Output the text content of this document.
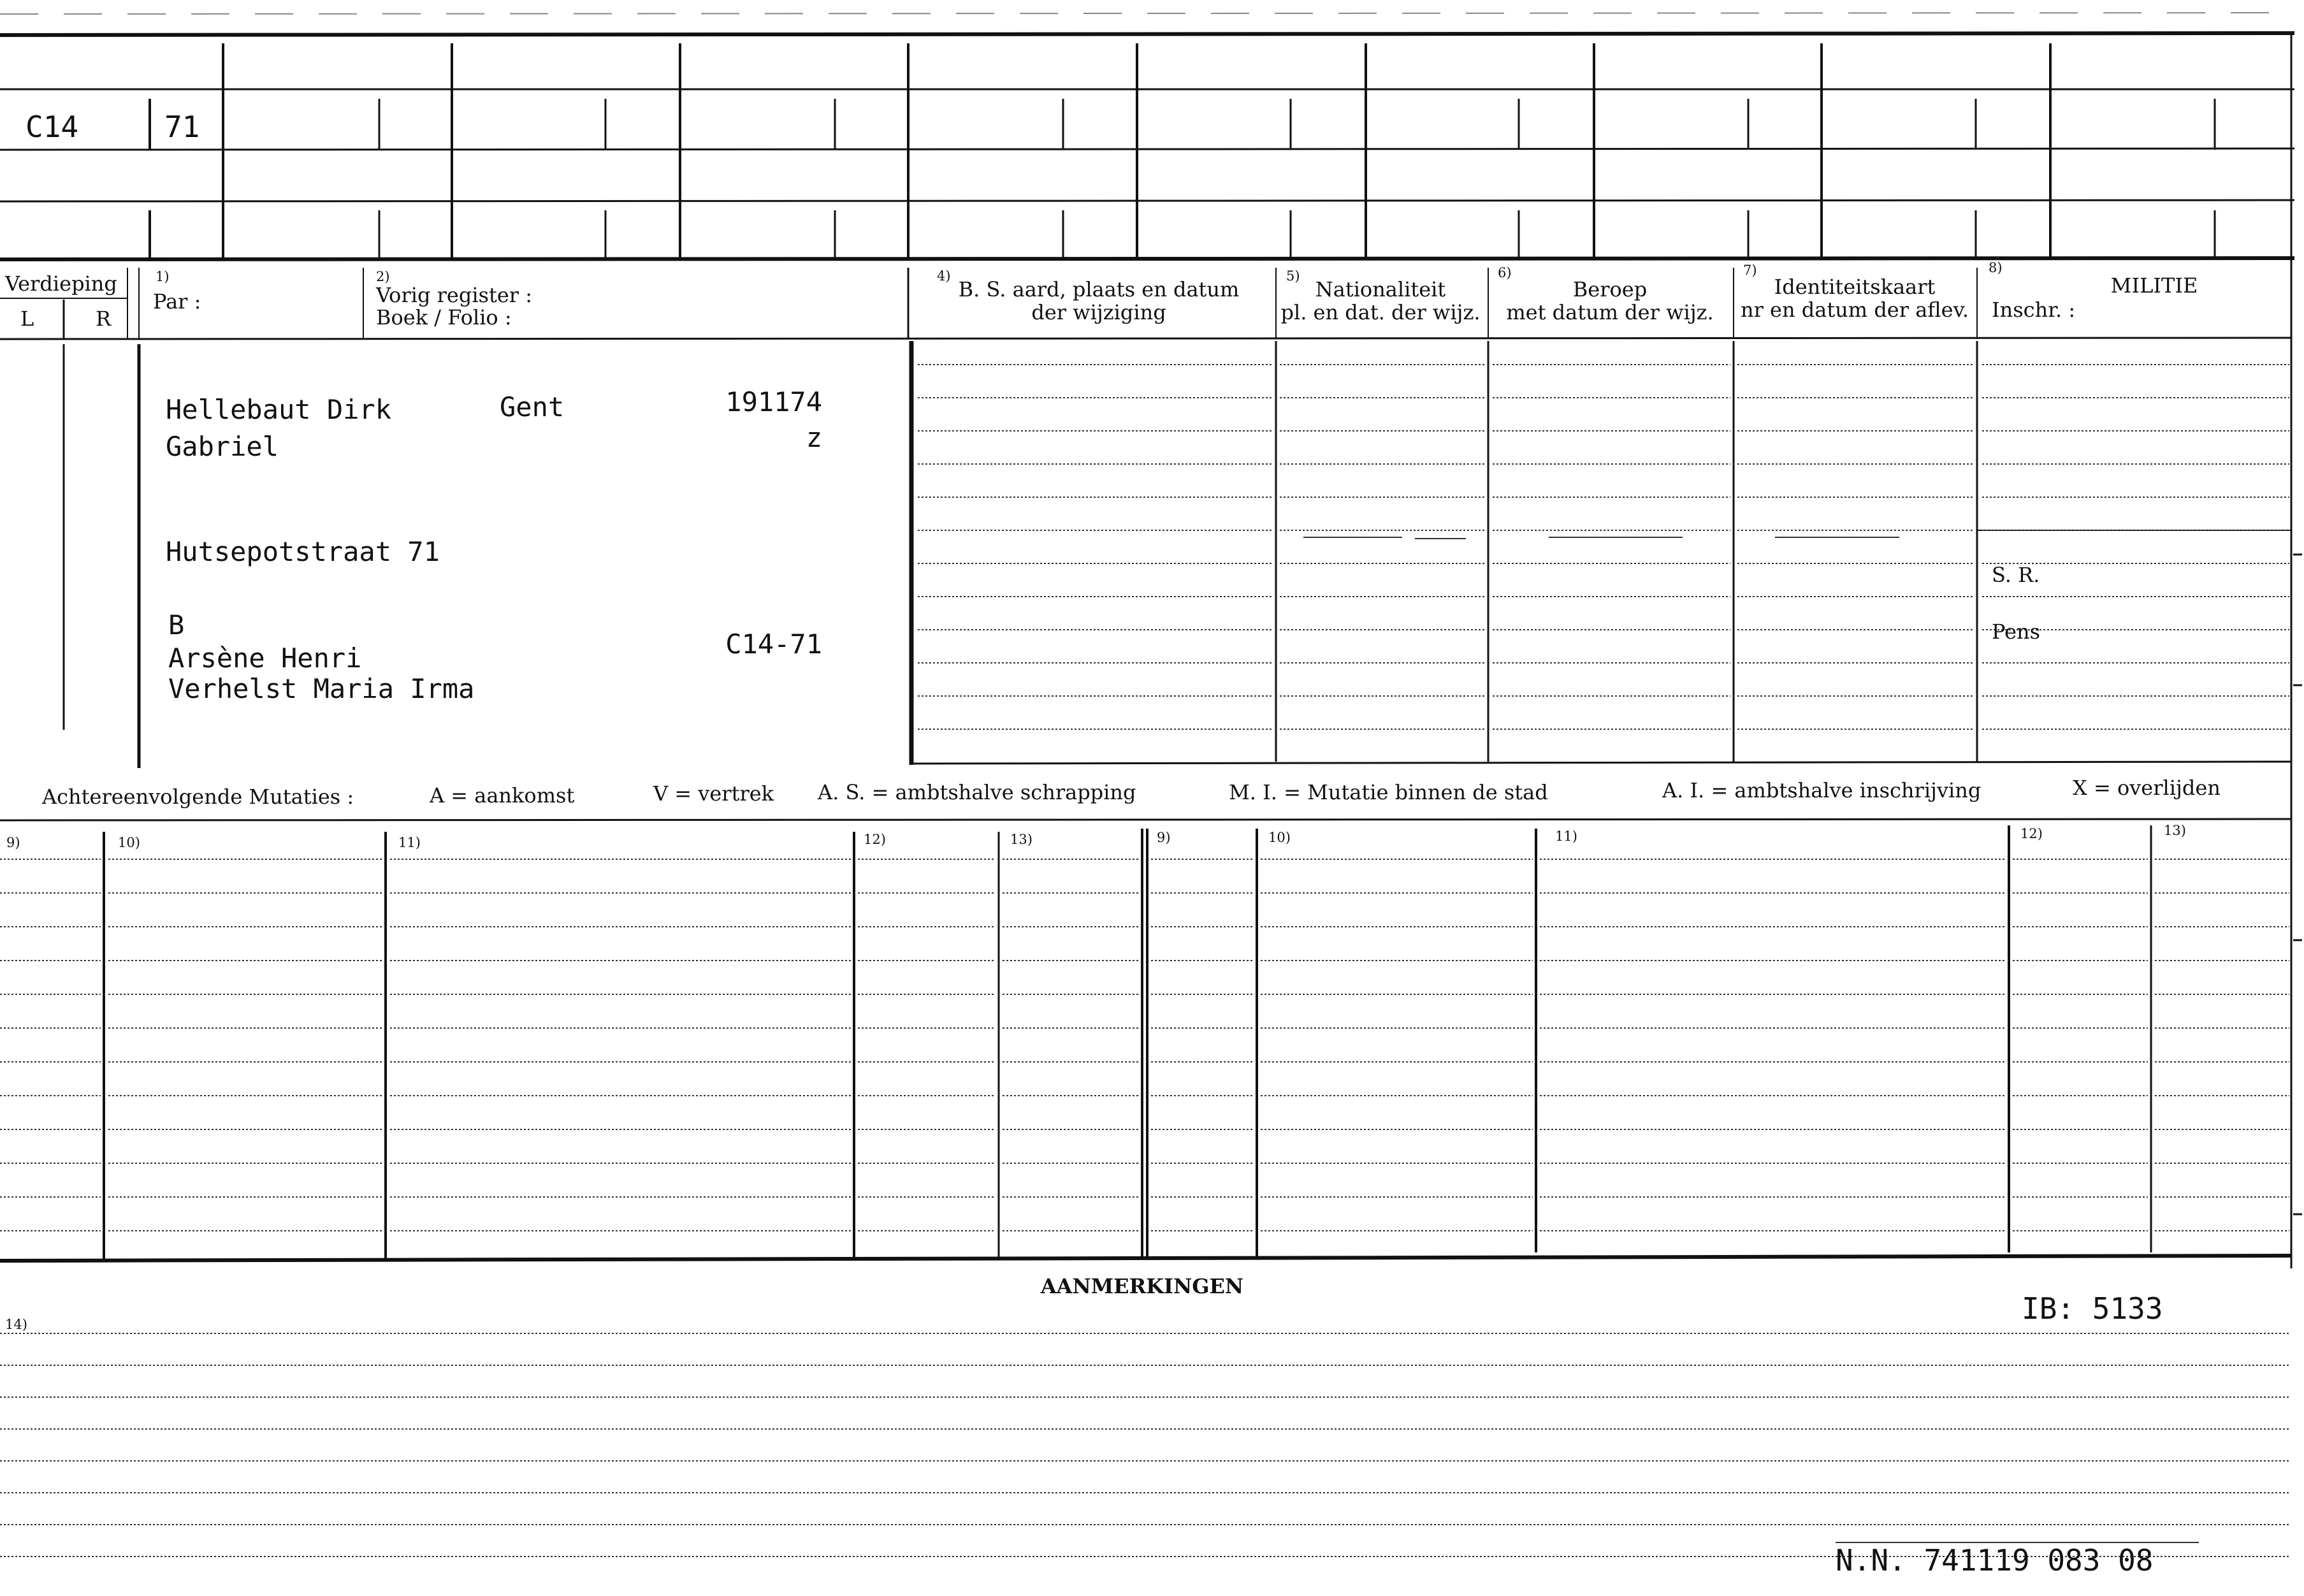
C14	71
Verdieping
L	R
1)
Par :
2)
Vorig register :
Boek / Folio :
4)
B. S. aard, plaats en datum
der wijziging
5)
Nationaliteit
pl. en dat. der wijz.
6)
Beroep
met datum der wijz.
7)
Identiteitskaart
nr en datum der aflev.
8)
MILITIE
Inschr. :
S. R.
Pens
Hellebaut Dirk
Gabriel
Gent	191174
z
Hutsepotstraat 71
B
Arsène Henri
Verhelst Maria Irma
C14-71
Achtereenvolgende Mutaties :	A = aankomst	V = vertrek A. S. = ambtshalve schrapping	M. I. = Mutatie binnen de stad	A. I. = ambtshalve inschrijving	X = overlijden
9)	10)	11)	12)	13)	9)	10)	11)	12)	13)
AANMERKINGEN
14)	IB: 5133
N.N. 741119 083 08
